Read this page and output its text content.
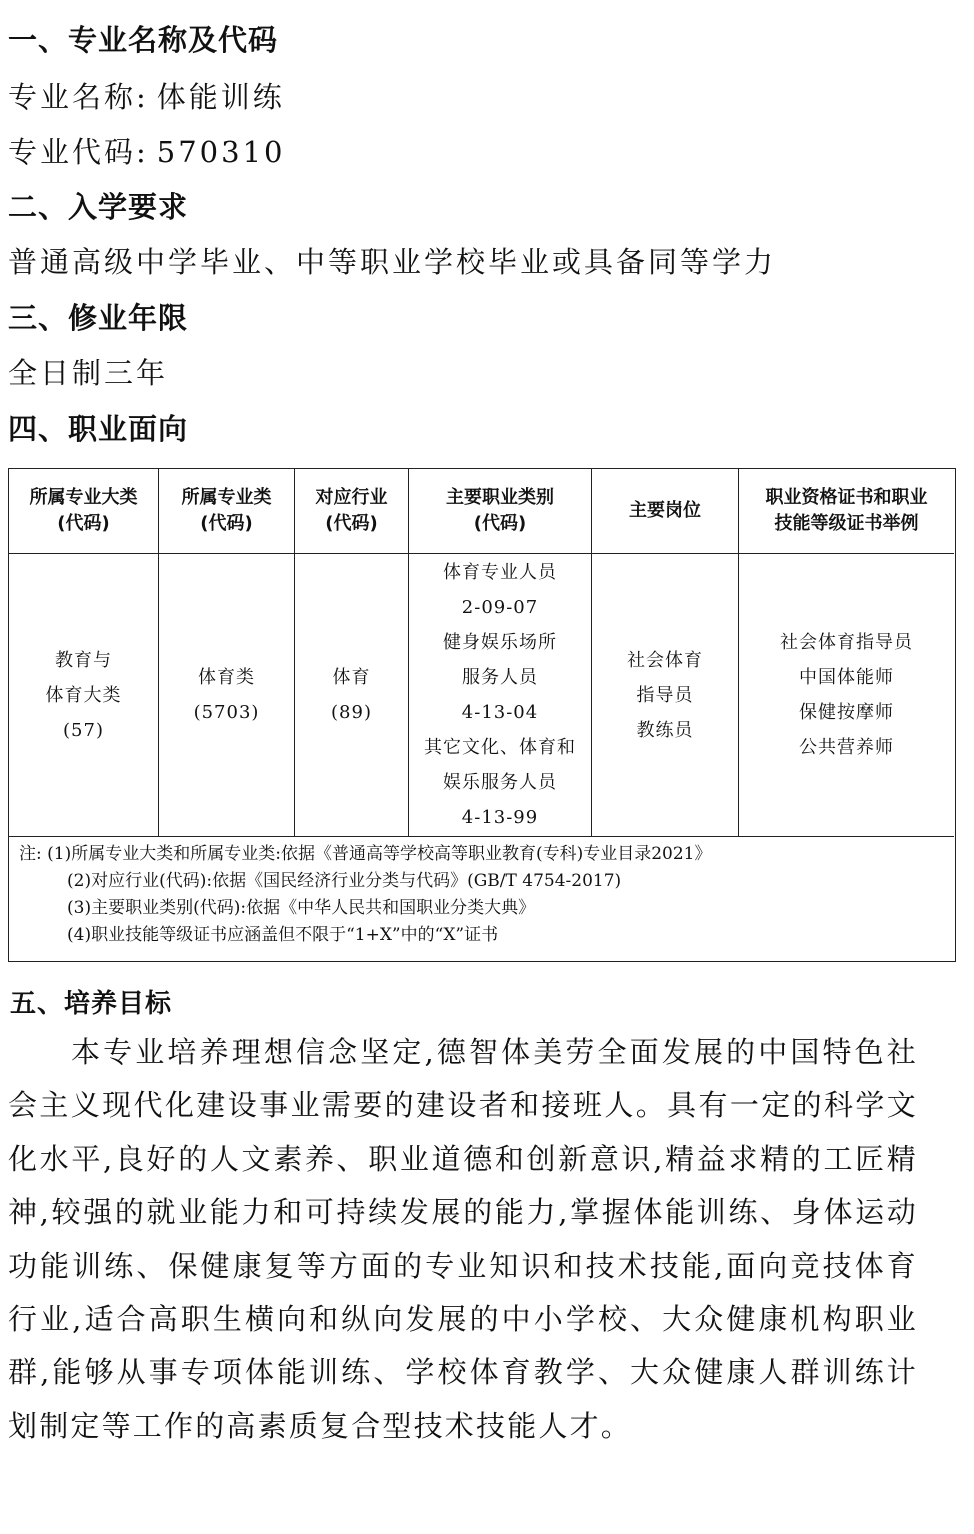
一、专业名称及代码
专业名称: 体能训练
专业代码: 570310
二、入学要求
普通高级中学毕业、中等职业学校毕业或具备同等学力
三、修业年限
全日制三年
四、职业面向
所属专业大类
(代码)
所属专业类
(代码)
对应行业
(代码)
主要职业类别
(代码)
主要岗位
职业资格证书和职业
技能等级证书举例
教育与
体育大类
(57)
体育类
(5703)
体育
(89)
体育专业人员
2-09-07
健身娱乐场所
服务人员
4-13-04
其它文化、体育和
娱乐服务人员
4-13-99
社会体育
指导员
教练员
社会体育指导员
中国体能师
保健按摩师
公共营养师
注: (1)所属专业大类和所属专业类:依据《普通高等学校高等职业教育(专科)专业目录2021》
(2)对应行业(代码):依据《国民经济行业分类与代码》(GB/T 4754-2017)
(3)主要职业类别(代码):依据《中华人民共和国职业分类大典》
(4)职业技能等级证书应涵盖但不限于“1+X”中的“X”证书
五、培养目标
本专业培养理想信念坚定,德智体美劳全面发展的中国特色社会主义现代化建设事业需要的建设者和接班人。具有一定的科学文化水平,良好的人文素养、职业道德和创新意识,精益求精的工匠精神,较强的就业能力和可持续发展的能力,掌握体能训练、身体运动功能训练、保健康复等方面的专业知识和技术技能,面向竞技体育行业,适合高职生横向和纵向发展的中小学校、大众健康机构职业群,能够从事专项体能训练、学校体育教学、大众健康人群训练计划制定等工作的高素质复合型技术技能人才。
